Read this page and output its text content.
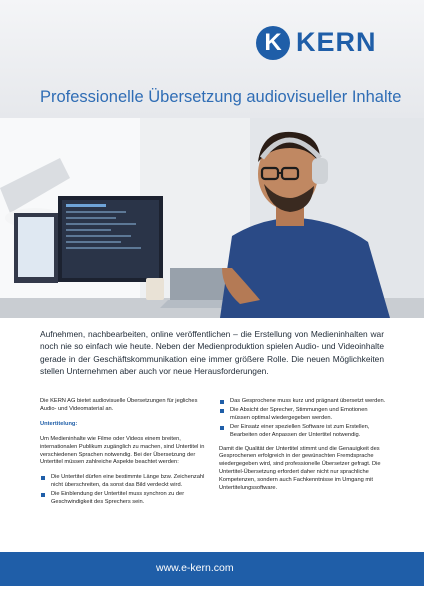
K KERN
Professionelle Übersetzung audiovisueller Inhalte
Aufnehmen, nachbearbeiten, online veröffentlichen – die Erstellung von Medieninhalten war noch nie so einfach wie heute. Neben der Medienproduktion spielen Audio- und Videoinhalte gerade in der Geschäftskommunikation eine immer größere Rolle. Die neuen Möglichkeiten stellen Unternehmen aber auch vor neue Herausforderungen.

Die KERN AG bietet audiovisuelle Übersetzungen für jegliches Audio- und Videomaterial an.

Untertitelung:

Um Medieninhalte wie Filme oder Videos einem breiten, internationalen Publikum zugänglich zu machen, sind Untertitel in verschiedenen Sprachen notwendig. Bei der Übersetzung der Untertitel müssen zahlreiche Aspekte beachtet werden:

Die Untertitel dürfen eine bestimmte Länge bzw. Zeichenzahl nicht überschreiten, da sonst das Bild verdeckt wird.
Die Einblendung der Untertitel muss synchron zu der Geschwindigkeit des Sprechers sein.
Das Gesprochene muss kurz und prägnant übersetzt werden.
Die Absicht der Sprecher, Stimmungen und Emotionen müssen optimal wiedergegeben werden.
Der Einsatz einer speziellen Software ist zum Erstellen, Bearbeiten oder Anpassen der Untertitel notwendig.

Damit die Qualität der Untertitel stimmt und die Genauigkeit des Gesprochenen erfolgreich in der gewünschten Fremdsprache wiedergegeben wird, sind professionelle Übersetzer gefragt. Die Untertitel-Übersetzung erfordert daher nicht nur sprachliche Kompetenzen, sondern auch Fachkenntnisse im Umgang mit Untertitelungssoftware.

www.e-kern.com
